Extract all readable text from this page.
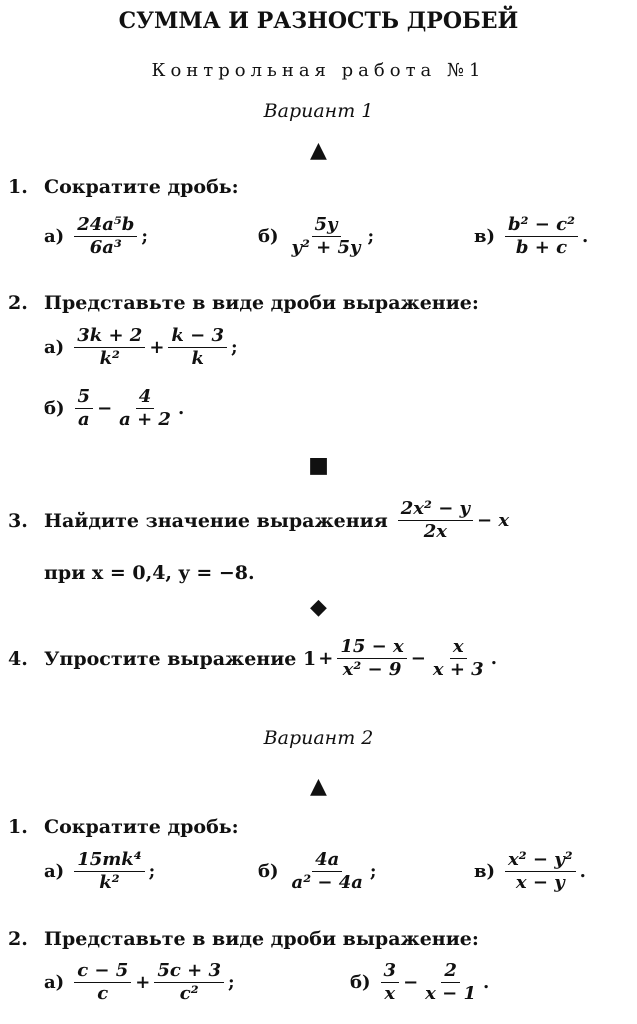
СУММА И РАЗНОСТЬ ДРОБЕЙ
Контрольная работа №1
Вариант 1
▲
1. Сократите дробь:
$а) \frac{\text{24a⁵b}}{\text{6a³}}$ ;	$б) \frac{5y}{\text{y² + 5y}}$ ;	$в) \frac{\text{b² − c²}}{b + c}$ .
2. Представьте в виде дроби выражение:
$а) \frac{3k + 2}{\text{k²}} + \frac{k - 3}{k}$ ;
$б) \frac{5}{a} - \frac{4}{a + 2}$ .
■
3. Найдите значение выражения $\frac{\text{2x² − y}}{2x} - x$
при x = 0,4, y = −8.
◆
4. Упростите выражение $1 + \frac{15 - x}{\text{x² − 9}} - \frac{x}{x + 3}$ .
Вариант 2
▲
1. Сократите дробь:
$а) \frac{\text{15mk⁴}}{\text{k²}}$ ;	$б) \frac{4a}{\text{a² − 4a}}$ ;	$в) \frac{\text{x² − y²}}{x - y}$ .
2. Представьте в виде дроби выражение:
$а) \frac{c - 5}{c} + \frac{5c + 3}{\text{c²}}$ ;	$б) \frac{3}{x} - \frac{2}{x - 1}$ .
